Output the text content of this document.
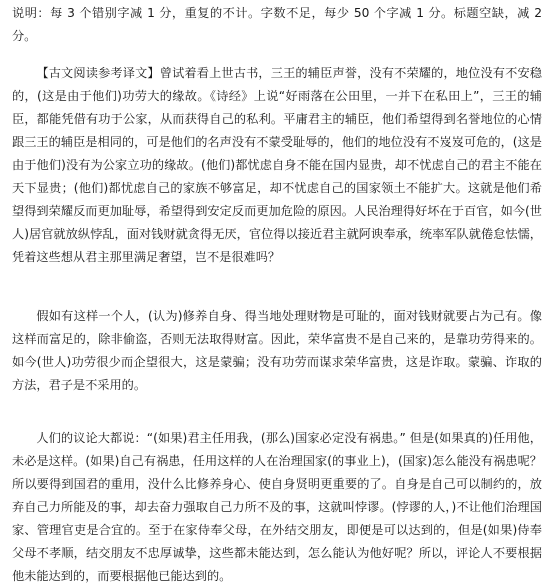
说明：每 3 个错别字减 1 分，重复的不计。字数不足，每少 50 个字减 1 分。标题空缺，减 2 分。

【古文阅读参考译文】曾试着看上世古书，三王的辅臣声誉，没有不荣耀的，地位没有不安稳的，(这是由于他们)功劳大的缘故。《诗经》上说“好雨落在公田里，一并下在私田上”，三王的辅臣，都能凭借有功于公家，从而获得自己的私利。平庸君主的辅臣，他们希望得到名誉地位的心情跟三王的辅臣是相同的，可是他们的名声没有不蒙受耻辱的，他们的地位没有不岌岌可危的，(这是由于他们)没有为公家立功的缘故。(他们)都忧虑自身不能在国内显贵，却不忧虑自己的君主不能在天下显贵；(他们)都忧虑自己的家族不够富足，却不忧虑自己的国家领土不能扩大。这就是他们希望得到荣耀反而更加耻辱，希望得到安定反而更加危险的原因。人民治理得好坏在于百官，如今(世人)居官就放纵悖乱，面对钱财就贪得无厌，官位得以接近君主就阿谀奉承，统率军队就倦怠怯懦，凭着这些想从君主那里满足奢望，岂不是很难吗？

假如有这样一个人，(认为)修养自身、得当地处理财物是可耻的，面对钱财就要占为己有。像这样而富足的，除非偷盗，否则无法取得财富。因此，荣华富贵不是自己来的，是靠功劳得来的。如今(世人)功劳很少而企望很大，这是蒙骗；没有功劳而谋求荣华富贵，这是诈取。蒙骗、诈取的方法，君子是不采用的。

人们的议论大都说：“(如果)君主任用我，(那么)国家必定没有祸患。” 但是(如果真的)任用他，未必是这样。(如果)自己有祸患，任用这样的人在治理国家(的事业上)，(国家)怎么能没有祸患呢？所以要得到国君的重用，没什么比修养身心、使自身贤明更重要的了。自身是自己可以制约的，放弃自己力所能及的事，却去奋力强取自己力所不及的事，这就叫悖谬。(悖谬的人，)不让他们治理国家、管理官吏是合宜的。至于在家侍奉父母，在外结交朋友，即便是可以达到的，但是(如果)侍奉父母不孝顺，结交朋友不忠厚诚挚，这些都未能达到，怎么能认为他好呢？所以，评论人不要根据他未能达到的，而要根据他已能达到的。
